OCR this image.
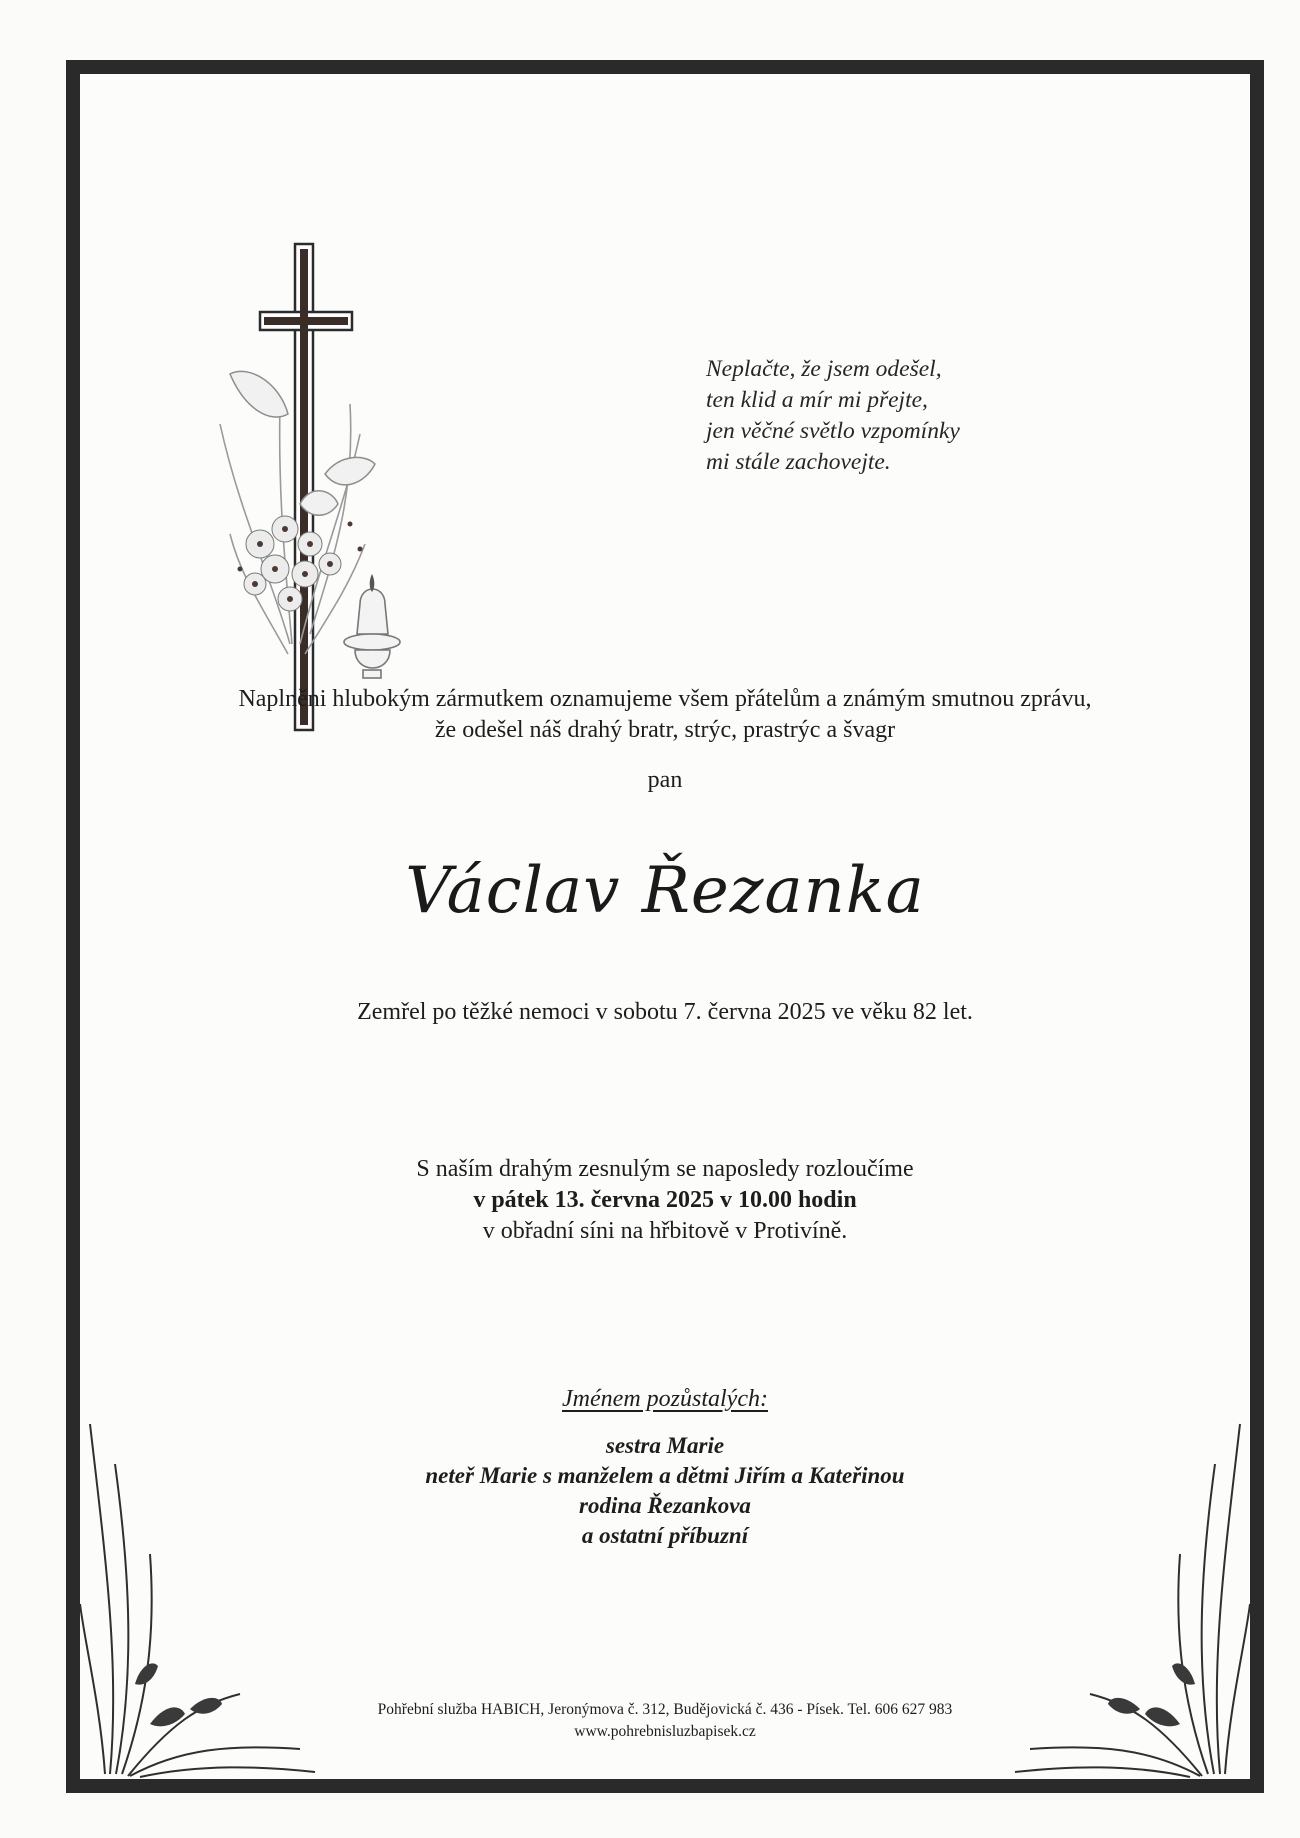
Neplačte, že jsem odešel,
ten klid a mír mi přejte,
jen věčné světlo vzpomínky
mi stále zachovejte.
Naplněni hlubokým zármutkem oznamujeme všem přátelům a známým smutnou zprávu,
že odešel náš drahý bratr, strýc, prastrýc a švagr
pan
Václav Řezanka
Zemřel po těžké nemoci v sobotu 7. června 2025 ve věku 82 let.
S naším drahým zesnulým se naposledy rozloučíme
v pátek 13. června 2025 v 10.00 hodin
v obřadní síni na hřbitově v Protivíně.
Jménem pozůstalých:
sestra Marie
neteř Marie s manželem a dětmi Jiřím a Kateřinou
rodina Řezankova
a ostatní příbuzní
Pohřební služba HABICH, Jeronýmova č. 312, Budějovická č. 436 - Písek. Tel. 606 627 983
www.pohrebnisluzbapisek.cz
